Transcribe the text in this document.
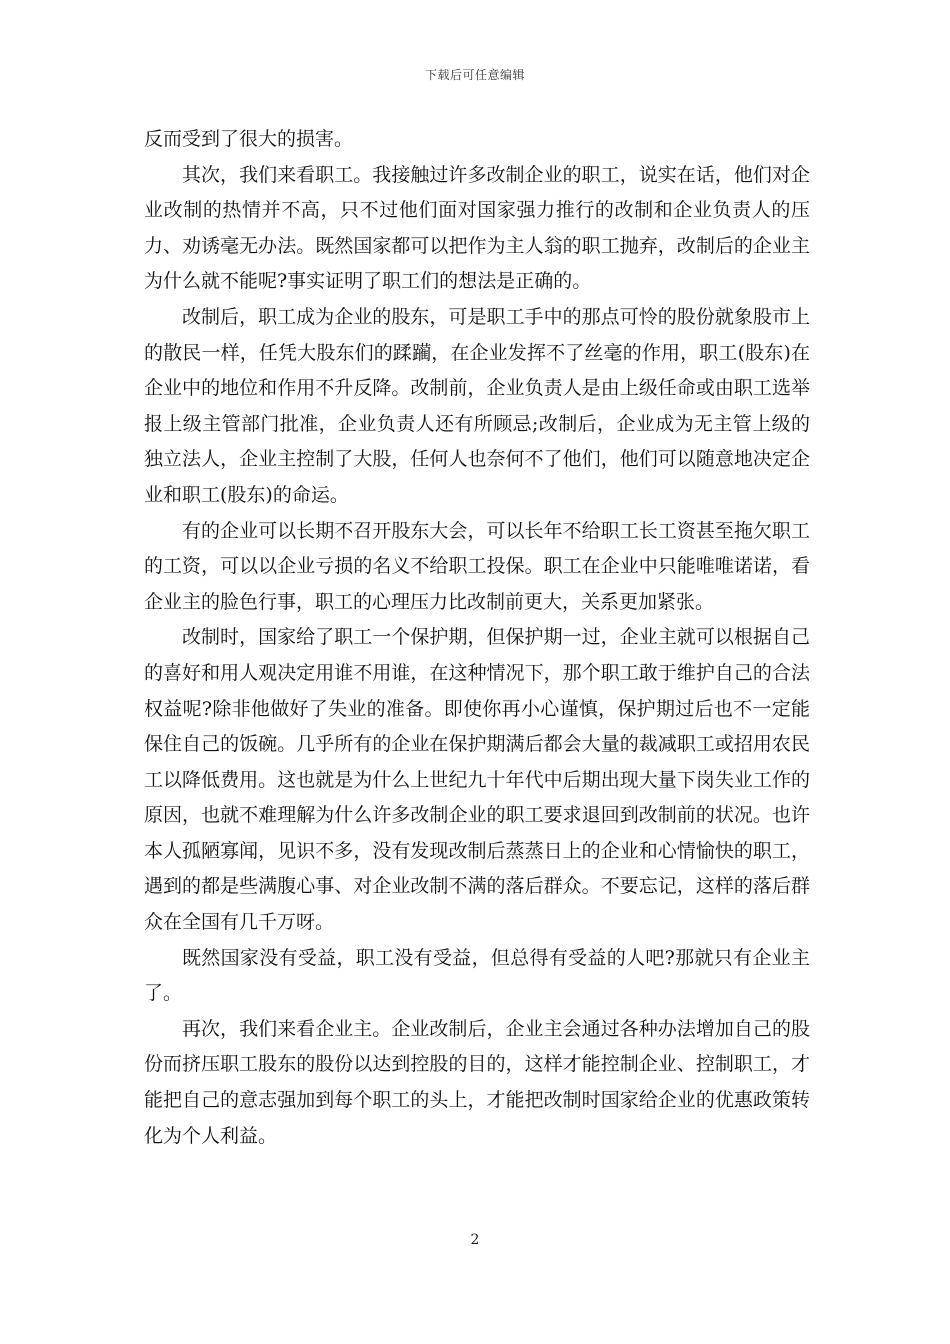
下载后可任意编辑

反而受到了很大的损害。

其次，我们来看职工。我接触过许多改制企业的职工，说实在话，他们对企业改制的热情并不高，只不过他们面对国家强力推行的改制和企业负责人的压力、劝诱毫无办法。既然国家都可以把作为主人翁的职工抛弃，改制后的企业主为什么就不能呢?事实证明了职工们的想法是正确的。

改制后，职工成为企业的股东，可是职工手中的那点可怜的股份就象股市上的散民一样，任凭大股东们的蹂躏，在企业发挥不了丝毫的作用，职工(股东)在企业中的地位和作用不升反降。改制前，企业负责人是由上级任命或由职工选举报上级主管部门批准，企业负责人还有所顾忌;改制后，企业成为无主管上级的独立法人，企业主控制了大股，任何人也奈何不了他们，他们可以随意地决定企业和职工(股东)的命运。

有的企业可以长期不召开股东大会，可以长年不给职工长工资甚至拖欠职工的工资，可以以企业亏损的名义不给职工投保。职工在企业中只能唯唯诺诺，看企业主的脸色行事，职工的心理压力比改制前更大，关系更加紧张。

改制时，国家给了职工一个保护期，但保护期一过，企业主就可以根据自己的喜好和用人观决定用谁不用谁，在这种情况下，那个职工敢于维护自己的合法权益呢?除非他做好了失业的准备。即使你再小心谨慎，保护期过后也不一定能保住自己的饭碗。几乎所有的企业在保护期满后都会大量的裁减职工或招用农民工以降低费用。这也就是为什么上世纪九十年代中后期出现大量下岗失业工作的原因，也就不难理解为什么许多改制企业的职工要求退回到改制前的状况。也许本人孤陋寡闻，见识不多，没有发现改制后蒸蒸日上的企业和心情愉快的职工，遇到的都是些满腹心事、对企业改制不满的落后群众。不要忘记，这样的落后群众在全国有几千万呀。

既然国家没有受益，职工没有受益，但总得有受益的人吧?那就只有企业主了。

再次，我们来看企业主。企业改制后，企业主会通过各种办法增加自己的股份而挤压职工股东的股份以达到控股的目的，这样才能控制企业、控制职工，才能把自己的意志强加到每个职工的头上，才能把改制时国家给企业的优惠政策转化为个人利益。

2
